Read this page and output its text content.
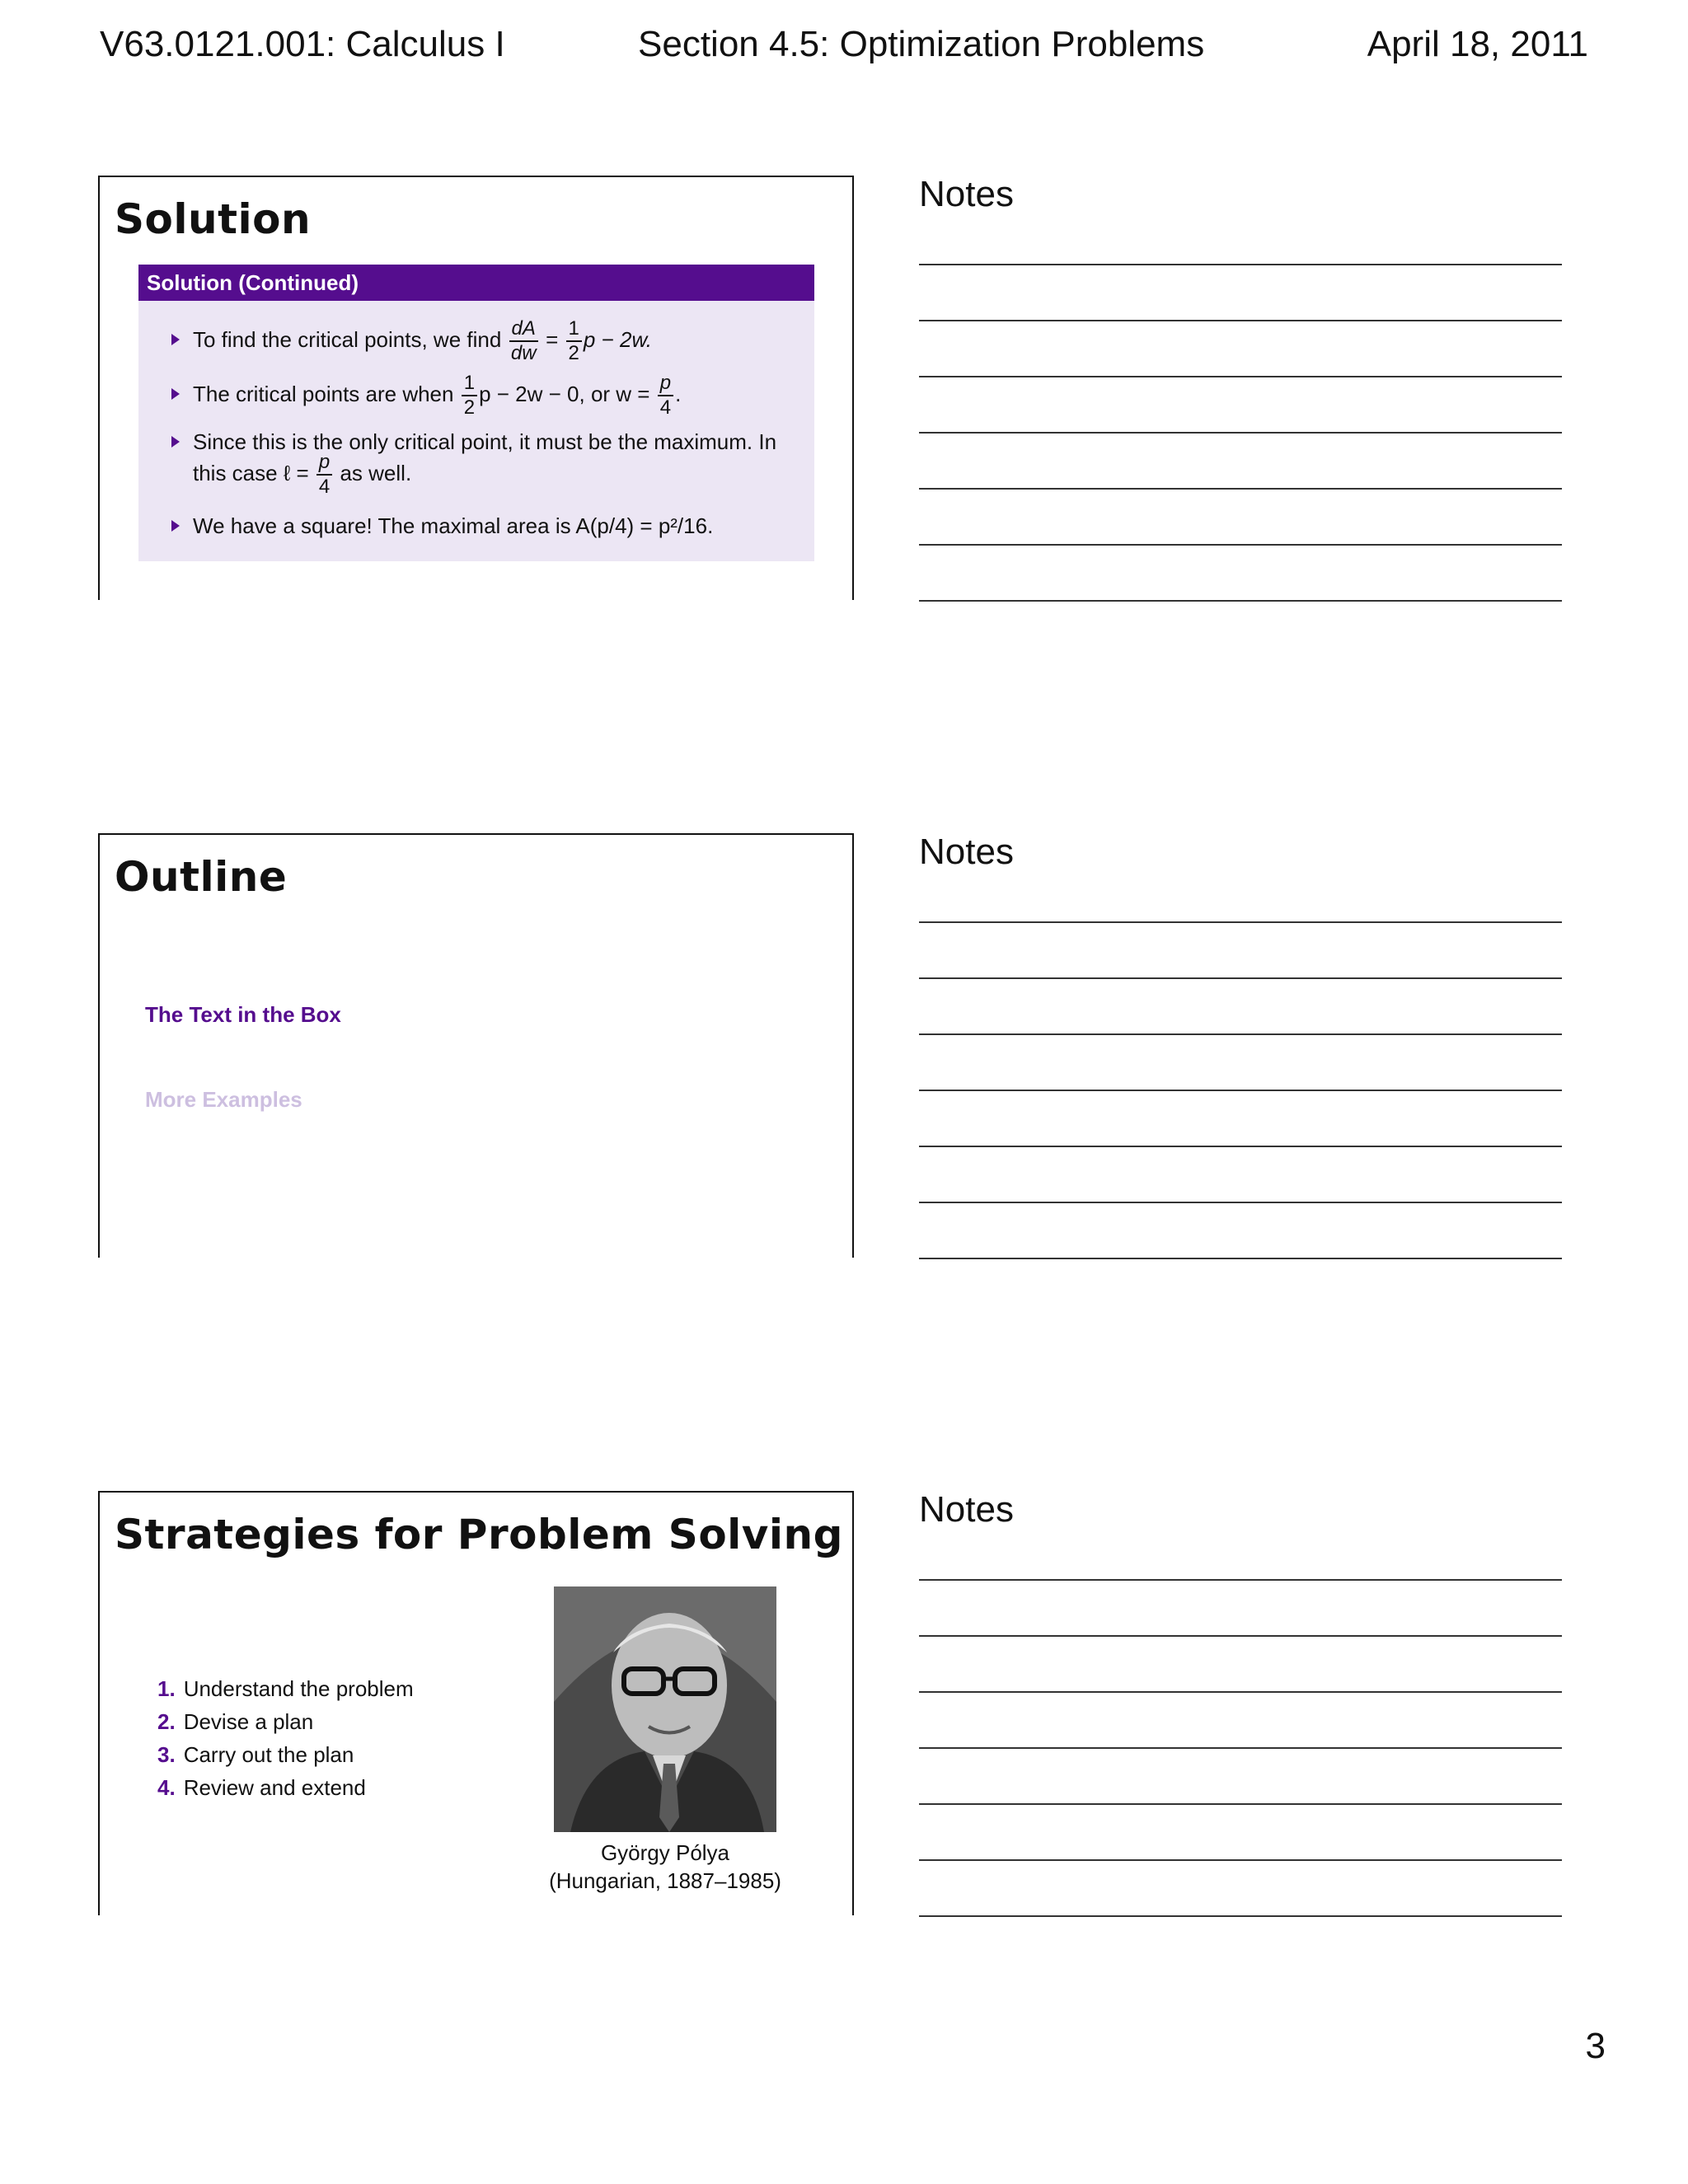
V63.0121.001: Calculus I	Section 4.5: Optimization Problems	April 18, 2011
Solution
Solution (Continued)
To find the critical points, we find $\frac{dA}{dw} = \frac{1}{2}$ p − 2w.
The critical points are when $\frac{1}{2}$ p − 2w − 0, or $w = \frac{p}{4}$ .
Since this is the only critical point, it must be the maximum. In
this case ℓ = $\frac{p}{4}$ as well.
We have a square! The maximal area is A(p/4) = p²/16.
Outline
The Text in the Box
More Examples
Strategies for Problem Solving
1. Understand the problem
2. Devise a plan
3. Carry out the plan
4. Review and extend
György Pólya
(Hungarian, 1887–1985)
Notes
Notes
Notes
3
